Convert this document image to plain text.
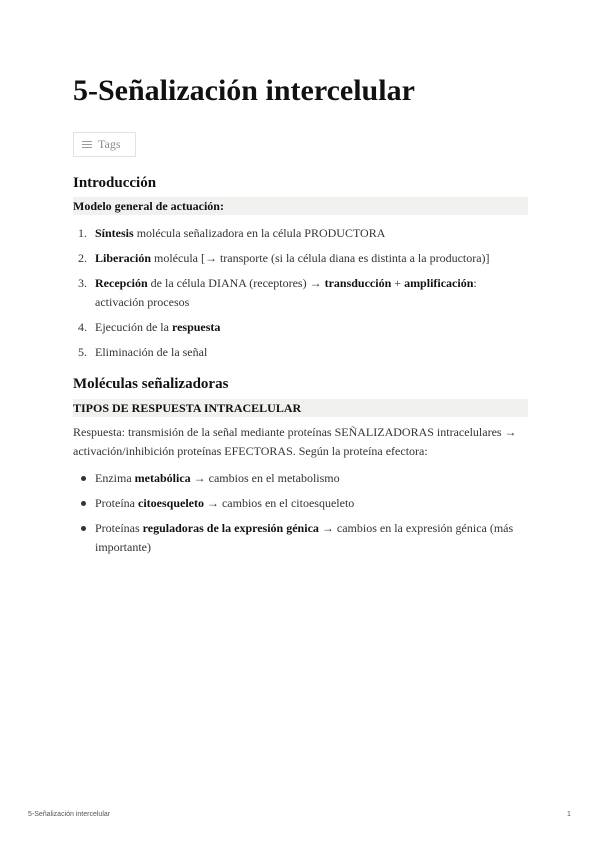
5-Señalización intercelular
Tags
Introducción
Modelo general de actuación:
1. Síntesis molécula señalizadora en la célula PRODUCTORA
2. Liberación molécula [→ transporte (si la célula diana es distinta a la productora)]
3. Recepción de la célula DIANA (receptores) → transducción + amplificación: activación procesos
4. Ejecución de la respuesta
5. Eliminación de la señal
Moléculas señalizadoras
TIPOS DE RESPUESTA INTRACELULAR
Respuesta: transmisión de la señal mediante proteínas SEÑALIZADORAS intracelulares → activación/inhibición proteínas EFECTORAS. Según la proteína efectora:
Enzima metabólica → cambios en el metabolismo
Proteína citoesqueleto → cambios en el citoesqueleto
Proteínas reguladoras de la expresión génica → cambios en la expresión génica (más importante)
5-Señalización intercelular	1
